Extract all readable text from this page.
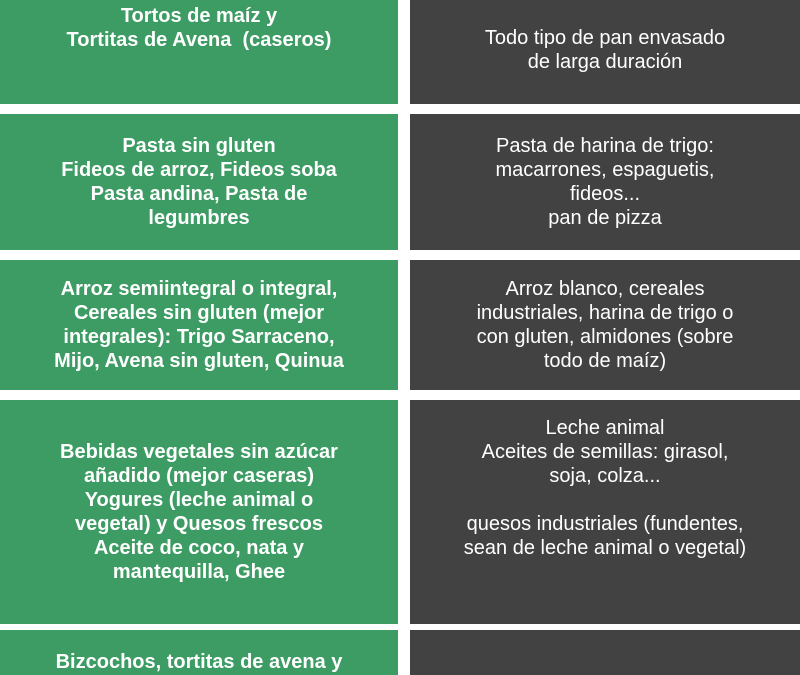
Tortos de maíz y
Tortitas de Avena  (caseros)	Todo tipo de pan envasado
de larga duración
Pasta sin gluten
Fideos de arroz, Fideos soba
Pasta andina, Pasta de
legumbres
Pasta de harina de trigo:
macarrones, espaguetis,
fideos...
pan de pizza
Arroz semiintegral o integral,
Cereales sin gluten (mejor
integrales): Trigo Sarraceno,
Mijo, Avena sin gluten, Quinua
Arroz blanco, cereales
industriales, harina de trigo o
con gluten, almidones (sobre
todo de maíz)
Bebidas vegetales sin azúcar
añadido (mejor caseras)
Yogures (leche animal o
vegetal) y Quesos frescos
Aceite de coco, nata y
mantequilla, Ghee
Leche animal
Aceites de semillas: girasol,
soja, colza...
quesos industriales (fundentes,
sean de leche animal o vegetal)
Bizcochos, tortitas de avena y
